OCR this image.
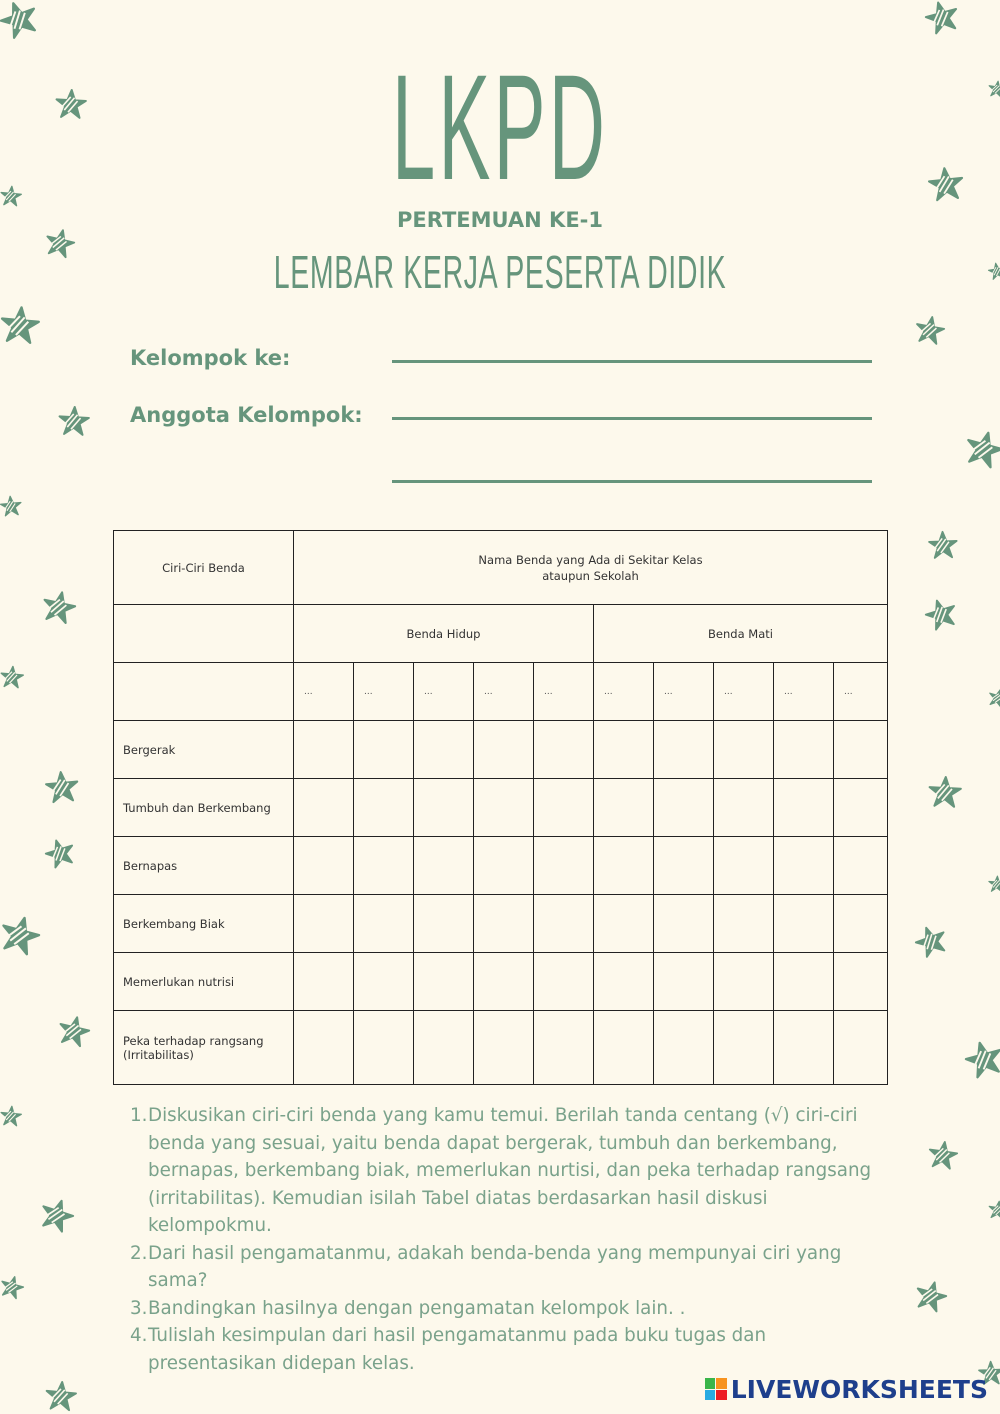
LKPD
PERTEMUAN KE-1
LEMBAR KERJA PESERTA DIDIK
Kelompok ke:
Anggota Kelompok:
Ciri-Ciri Benda	Nama Benda yang Ada di Sekitar Kelas
ataupun Sekolah									

	Benda Hidup					Benda Mati				
	...	...	...	...	...	...	...	...	...	...
Bergerak										
Tumbuh dan Berkembang										
Bernapas										
Berkembang Biak										
Memerlukan nutrisi										
Peka terhadap rangsang (Irritabilitas)										
1. Diskusikan ciri-ciri benda yang kamu temui. Berilah tanda centang (√) ciri-ciri benda yang sesuai, yaitu benda dapat bergerak, tumbuh dan berkembang, bernapas, berkembang biak, memerlukan nurtisi, dan peka terhadap rangsang (irritabilitas). Kemudian isilah Tabel diatas berdasarkan hasil diskusi kelompokmu.
2. Dari hasil pengamatanmu, adakah benda-benda yang mempunyai ciri yang sama?
3. Bandingkan hasilnya dengan pengamatan kelompok lain. .
4. Tulislah kesimpulan dari hasil pengamatanmu pada buku tugas dan presentasikan didepan kelas.
LIVEWORKSHEETS
